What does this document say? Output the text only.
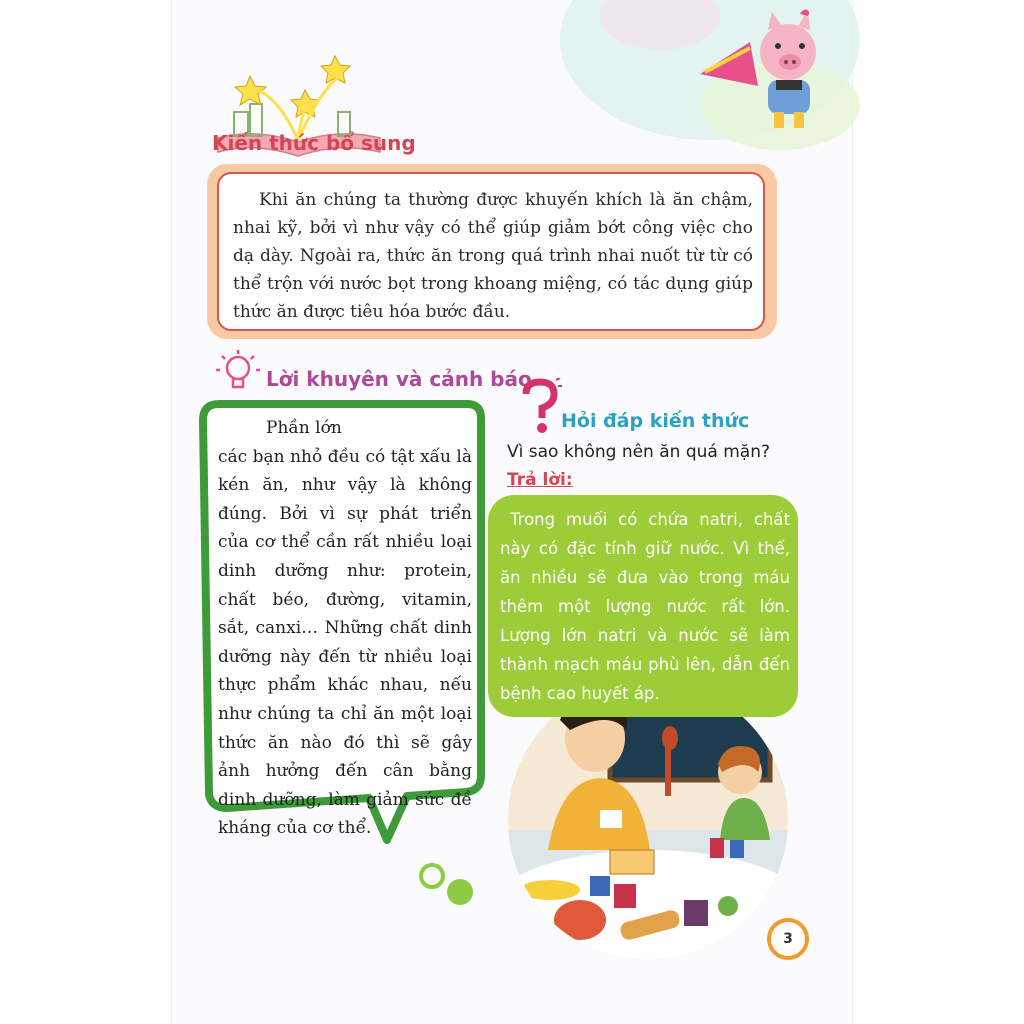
Kiến thức bổ sung

Khi ăn chúng ta thường được khuyến khích là ăn chậm, nhai kỹ, bởi vì như vậy có thể giúp giảm bớt công việc cho dạ dày. Ngoài ra, thức ăn trong quá trình nhai nuốt từ từ có thể trộn với nước bọt trong khoang miệng, có tác dụng giúp thức ăn được tiêu hóa bước đầu.

Lời khuyên và cảnh báo
Phần lớn
các bạn nhỏ đều có tật xấu là kén ăn, như vậy là không đúng. Bởi vì sự phát triển của cơ thể cần rất nhiều loại dinh dưỡng như: protein, chất béo, đường, vitamin, sắt, canxi… Những chất dinh dưỡng này đến từ nhiều loại thực phẩm khác nhau, nếu như chúng ta chỉ ăn một loại thức ăn nào đó thì sẽ gây ảnh hưởng đến cân bằng dinh dưỡng, làm giảm sức đề kháng của cơ thể.
Hỏi đáp kiến thức
Vì sao không nên ăn quá mặn?
Trả lời:
Trong muối có chứa natri, chất này có đặc tính giữ nước. Vì thế, ăn nhiều sẽ đưa vào trong máu thêm một lượng nước rất lớn. Lượng lớn natri và nước sẽ làm thành mạch máu phù lên, dẫn đến bệnh cao huyết áp.
3
